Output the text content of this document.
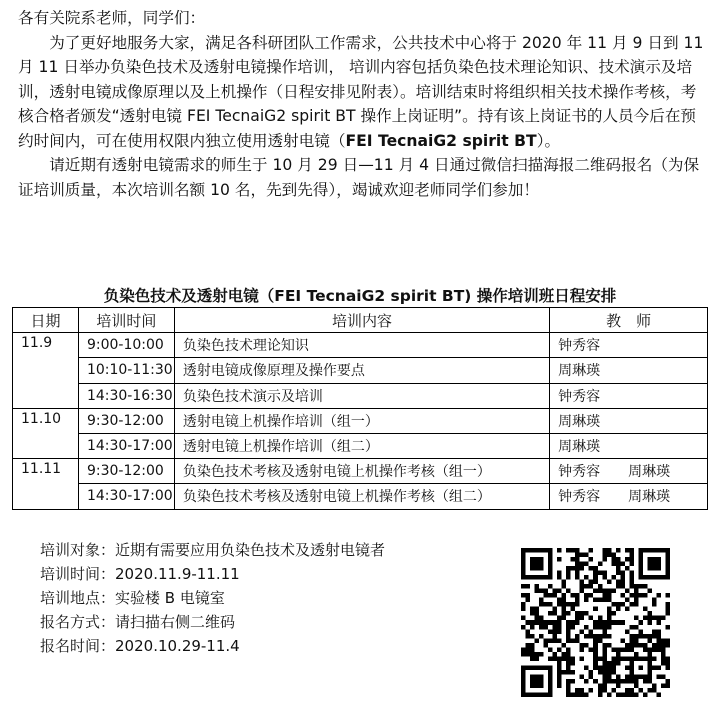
各有关院系老师，同学们：

为了更好地服务大家，满足各科研团队工作需求，公共技术中心将于 2020 年 11 月 9 日到 11 月 11 日举办负染色技术及透射电镜操作培训， 培训内容包括负染色技术理论知识、技术演示及培训，透射电镜成像原理以及上机操作（日程安排见附表）。培训结束时将组织相关技术操作考核，考核合格者颁发“透射电镜 FEI TecnaiG2 spirit BT 操作上岗证明”。持有该上岗证书的人员今后在预约时间内，可在使用权限内独立使用透射电镜（FEI TecnaiG2 spirit BT）。

请近期有透射电镜需求的师生于 10 月 29 日—11 月 4 日通过微信扫描海报二维码报名（为保证培训质量，本次培训名额 10 名，先到先得），竭诚欢迎老师同学们参加！

负染色技术及透射电镜（FEI TecnaiG2 spirit BT) 操作培训班日程安排
日期	培训时间	培训内容	教　师
11.9	9:00-10:00	负染色技术理论知识	钟秀容
	10:10-11:30	透射电镜成像原理及操作要点	周琳瑛
	14:30-16:30	负染色技术演示及培训	钟秀容
11.10	9:30-12:00	透射电镜上机操作培训（组一）	周琳瑛
	14:30-17:00	透射电镜上机操作培训（组二）	周琳瑛
11.11	9:30-12:00	负染色技术考核及透射电镜上机操作考核（组一）	钟秀容　　周琳瑛
	14:30-17:00	负染色技术考核及透射电镜上机操作考核（组二）	钟秀容　　周琳瑛
培训对象：近期有需要应用负染色技术及透射电镜者
培训时间：2020.11.9-11.11
培训地点：实验楼 B 电镜室
报名方式：请扫描右侧二维码
报名时间：2020.10.29-11.4
